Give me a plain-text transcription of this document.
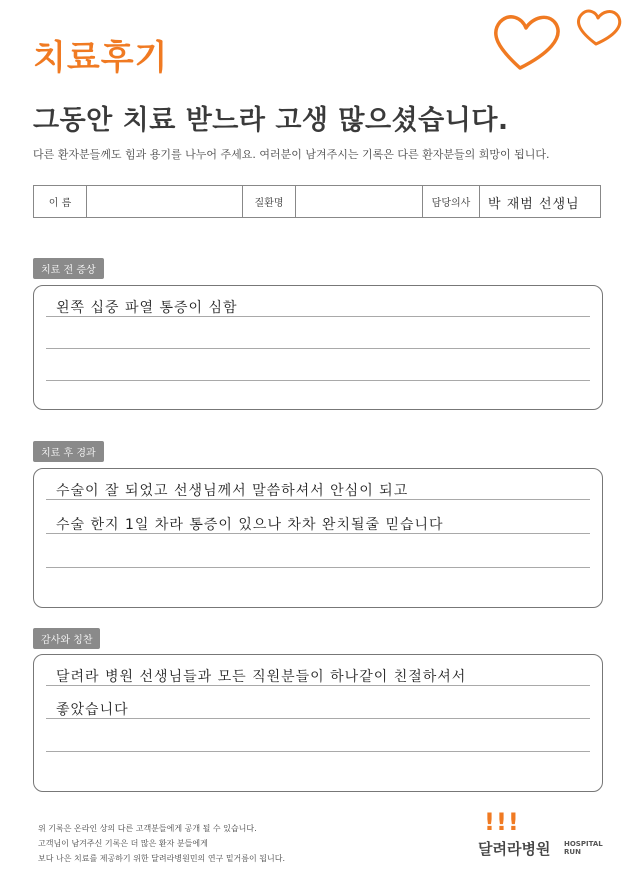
치료후기
그동안 치료 받느라 고생 많으셨습니다.
다른 환자분들께도 힘과 용기를 나누어 주세요. 여러분이 남겨주시는 기록은 다른 환자분들의 희망이 됩니다.
이 름	질환명	담당의사	박 재범 선생님
치료 전 증상
왼쪽 십중 파열 통증이 심함
치료 후 경과
수술이 잘 되었고 선생님께서 말씀하셔서 안심이 되고
수술 한지 1일 차라 통증이 있으나 차차 완치될줄 믿습니다
감사와 칭찬
달려라 병원 선생님들과 모든 직원분들이 하나같이 친절하셔서
좋았습니다
위 기록은 온라인 상의 다른 고객분들에게 공개 될 수 있습니다.
고객님이 남겨주신 기록은 더 많은 환자 분들에게
보다 나은 치료를 제공하기 위한 달려라병원민의 연구 밑거름이 됩니다.
!!!
달려라병원 HOSPITAL
RUN
